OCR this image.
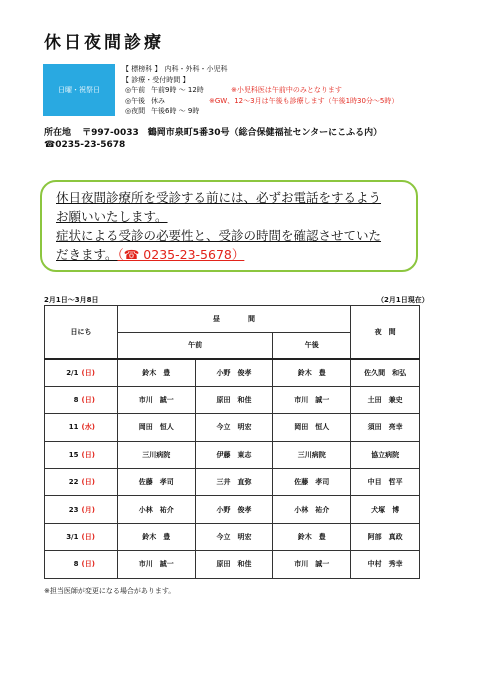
休日夜間診療
日曜・祝祭日
【 標榜科 】 内科・外科・小児科
【 診療・受付時間 】
◎午前 午前9時 ～ 12時	※小児科医は午前中のみとなります
◎午後 休み	※GW、12～3月は午後も診療します（午後1時30分～5時）
◎夜間 午後6時 ～ 9時
所在地 〒997-0033　鶴岡市泉町5番30号（総合保健福祉センターにこふる内）
☎0235-23-5678
休日夜間診療所を受診する前には、必ずお電話をするよう
お願いいたします。
症状による受診の必要性と、受診の時間を確認させていた
だきます。（☎ 0235-23-5678）
2月1日～3月8日	（2月1日現在）
日にち	昼　　　　間			夜　間
	午前		午後	
2/1 (日)	鈴木　豊	小野　俊孝	鈴木　豊	佐久間　和弘
8 (日)	市川　誠一	原田　和佳	市川　誠一	土田　兼史
11 (水)	岡田　恒人	今立　明宏	岡田　恒人	須田　亮幸
15 (日)	三川病院	伊藤　東志	三川病院	協立病院
22 (日)	佐藤　孝司	三井　直弥	佐藤　孝司	中目　哲平
23 (月)	小林　祐介	小野　俊孝	小林　祐介	犬塚　博
3/1 (日)	鈴木　豊	今立　明宏	鈴木　豊	阿部　真政
8 (日)	市川　誠一	原田　和佳	市川　誠一	中村　秀幸
※担当医師が変更になる場合があります。
